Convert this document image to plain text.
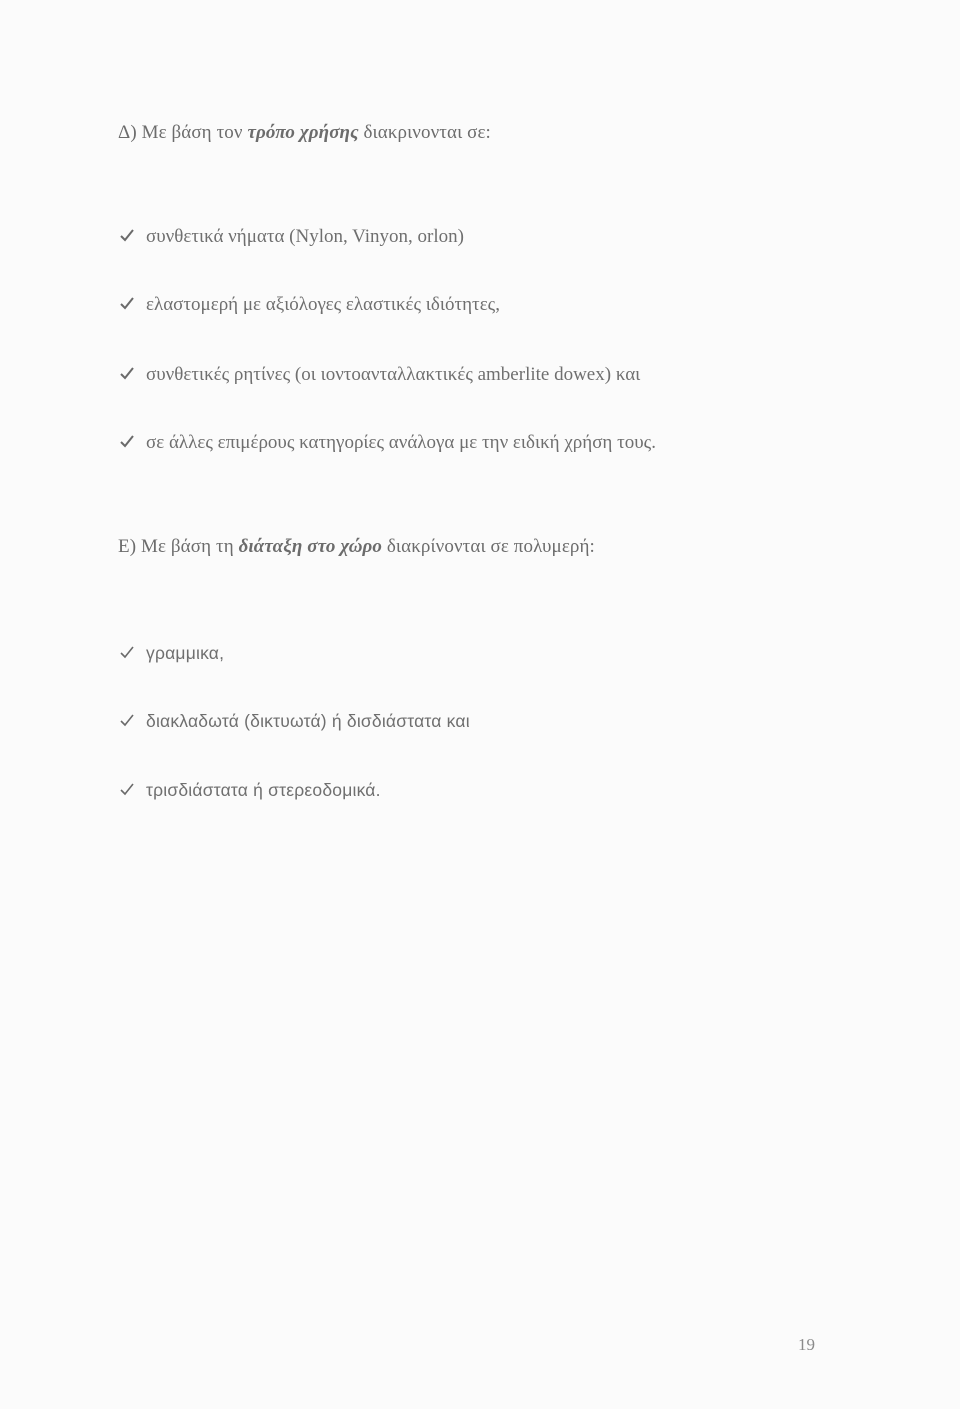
Δ) Με βάση τον τρόπο χρήσης διακρινονται σε:
συνθετικά νήματα (Nylon, Vinyon, orlon)
ελαστομερή με αξιόλογες ελαστικές ιδιότητες,
συνθετικές ρητίνες (οι ιοντοανταλλακτικές amberlite dowex) και
σε άλλες επιμέρους κατηγορίες ανάλογα με την ειδική χρήση τους.
Ε) Με βάση τη διάταξη στο χώρο διακρίνονται σε πολυμερή:
γραμμικα,
διακλαδωτά (δικτυωτά) ή δισδιάστατα και
τρισδιάστατα ή στερεοδομικά.
19
